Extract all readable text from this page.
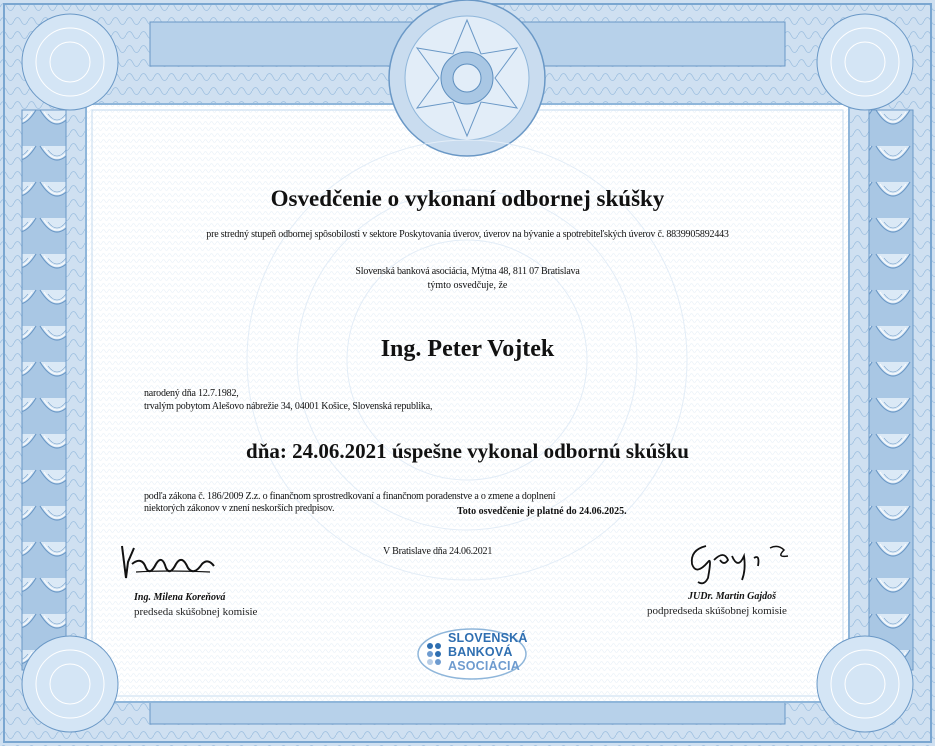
Osvedčenie o vykonaní odbornej skúšky
pre stredný stupeň odbornej spôsobilosti v sektore Poskytovania úverov, úverov na bývanie a spotrebiteľských úverov č. 8839905892443
Slovenská banková asociácia, Mýtna 48, 811 07 Bratislava
týmto osvedčuje, že
Ing. Peter Vojtek
narodený dňa 12.7.1982,
trvalým pobytom Alešovo nábrežie 34, 04001 Košice, Slovenská republika,
dňa: 24.06.2021 úspešne vykonal odbornú skúšku
podľa zákona č. 186/2009 Z.z. o finančnom sprostredkovaní a finančnom poradenstve a o zmene a doplnení
niektorých zákonov v znení neskorších predpisov.	Toto osvedčenie je platné do 24.06.2025.
V Bratislave dňa 24.06.2021
Ing. Milena Koreňová
predseda skúšobnej komisie
JUDr. Martin Gajdoš
podpredseda skúšobnej komisie
SLOVENSKÁ
BANKOVÁ
ASOCIÁCIA
